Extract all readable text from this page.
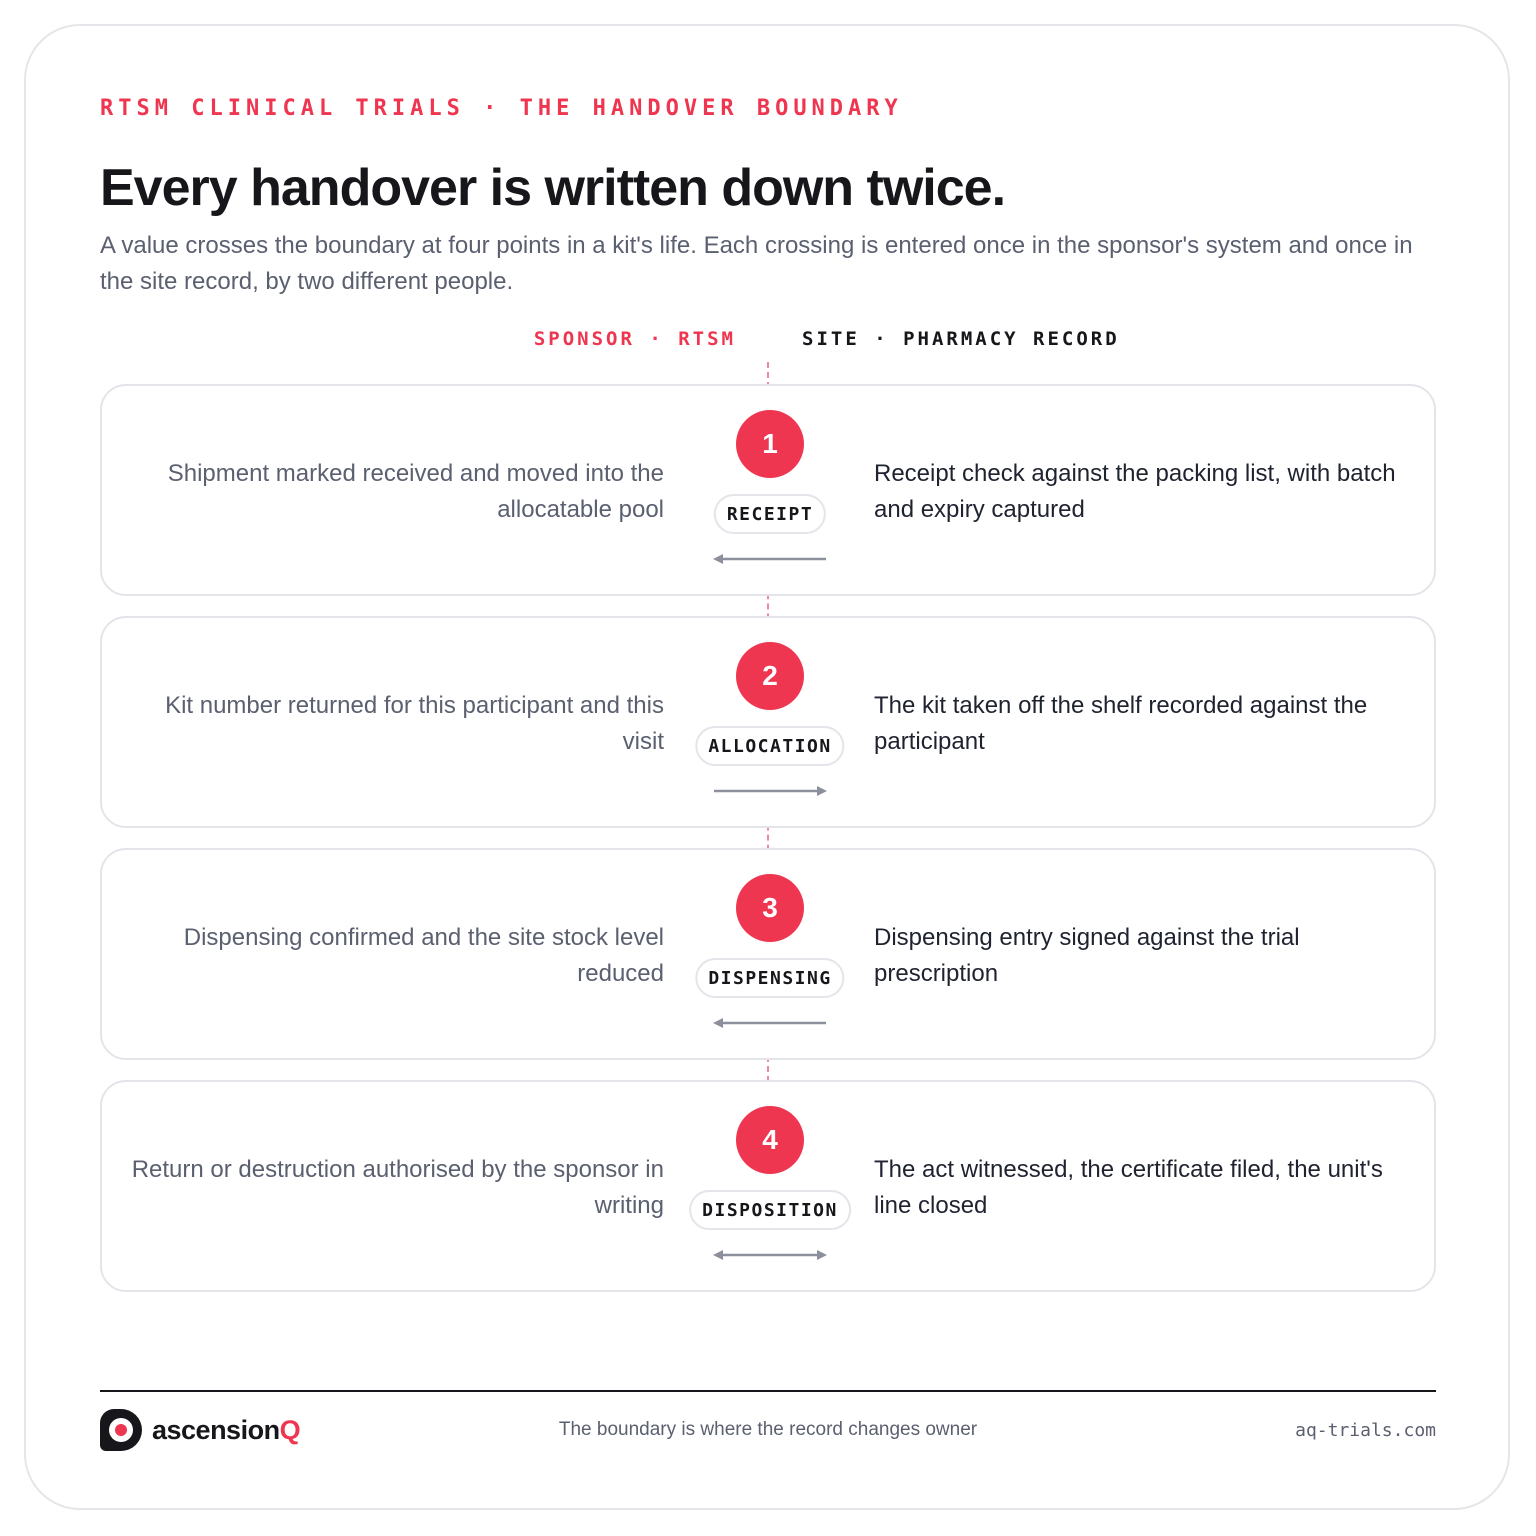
RTSM CLINICAL TRIALS · THE HANDOVER BOUNDARY
Every handover is written down twice.

A value crosses the boundary at four points in a kit's life. Each crossing is entered once in the sponsor's system and once in the site record, by two different people.

SPONSOR · RTSM	SITE · PHARMACY RECORD
Shipment marked received and moved into the allocatable pool
1
RECEIPT
Receipt check against the packing list, with batch and expiry captured
Kit number returned for this participant and this visit
2
ALLOCATION
The kit taken off the shelf recorded against the participant
Dispensing confirmed and the site stock level reduced
3
DISPENSING
Dispensing entry signed against the trial prescription
Return or destruction authorised by the sponsor in writing
4
DISPOSITION
The act witnessed, the certificate filed, the unit's line closed
ascensionQ	The boundary is where the record changes owner	aq-trials.com
